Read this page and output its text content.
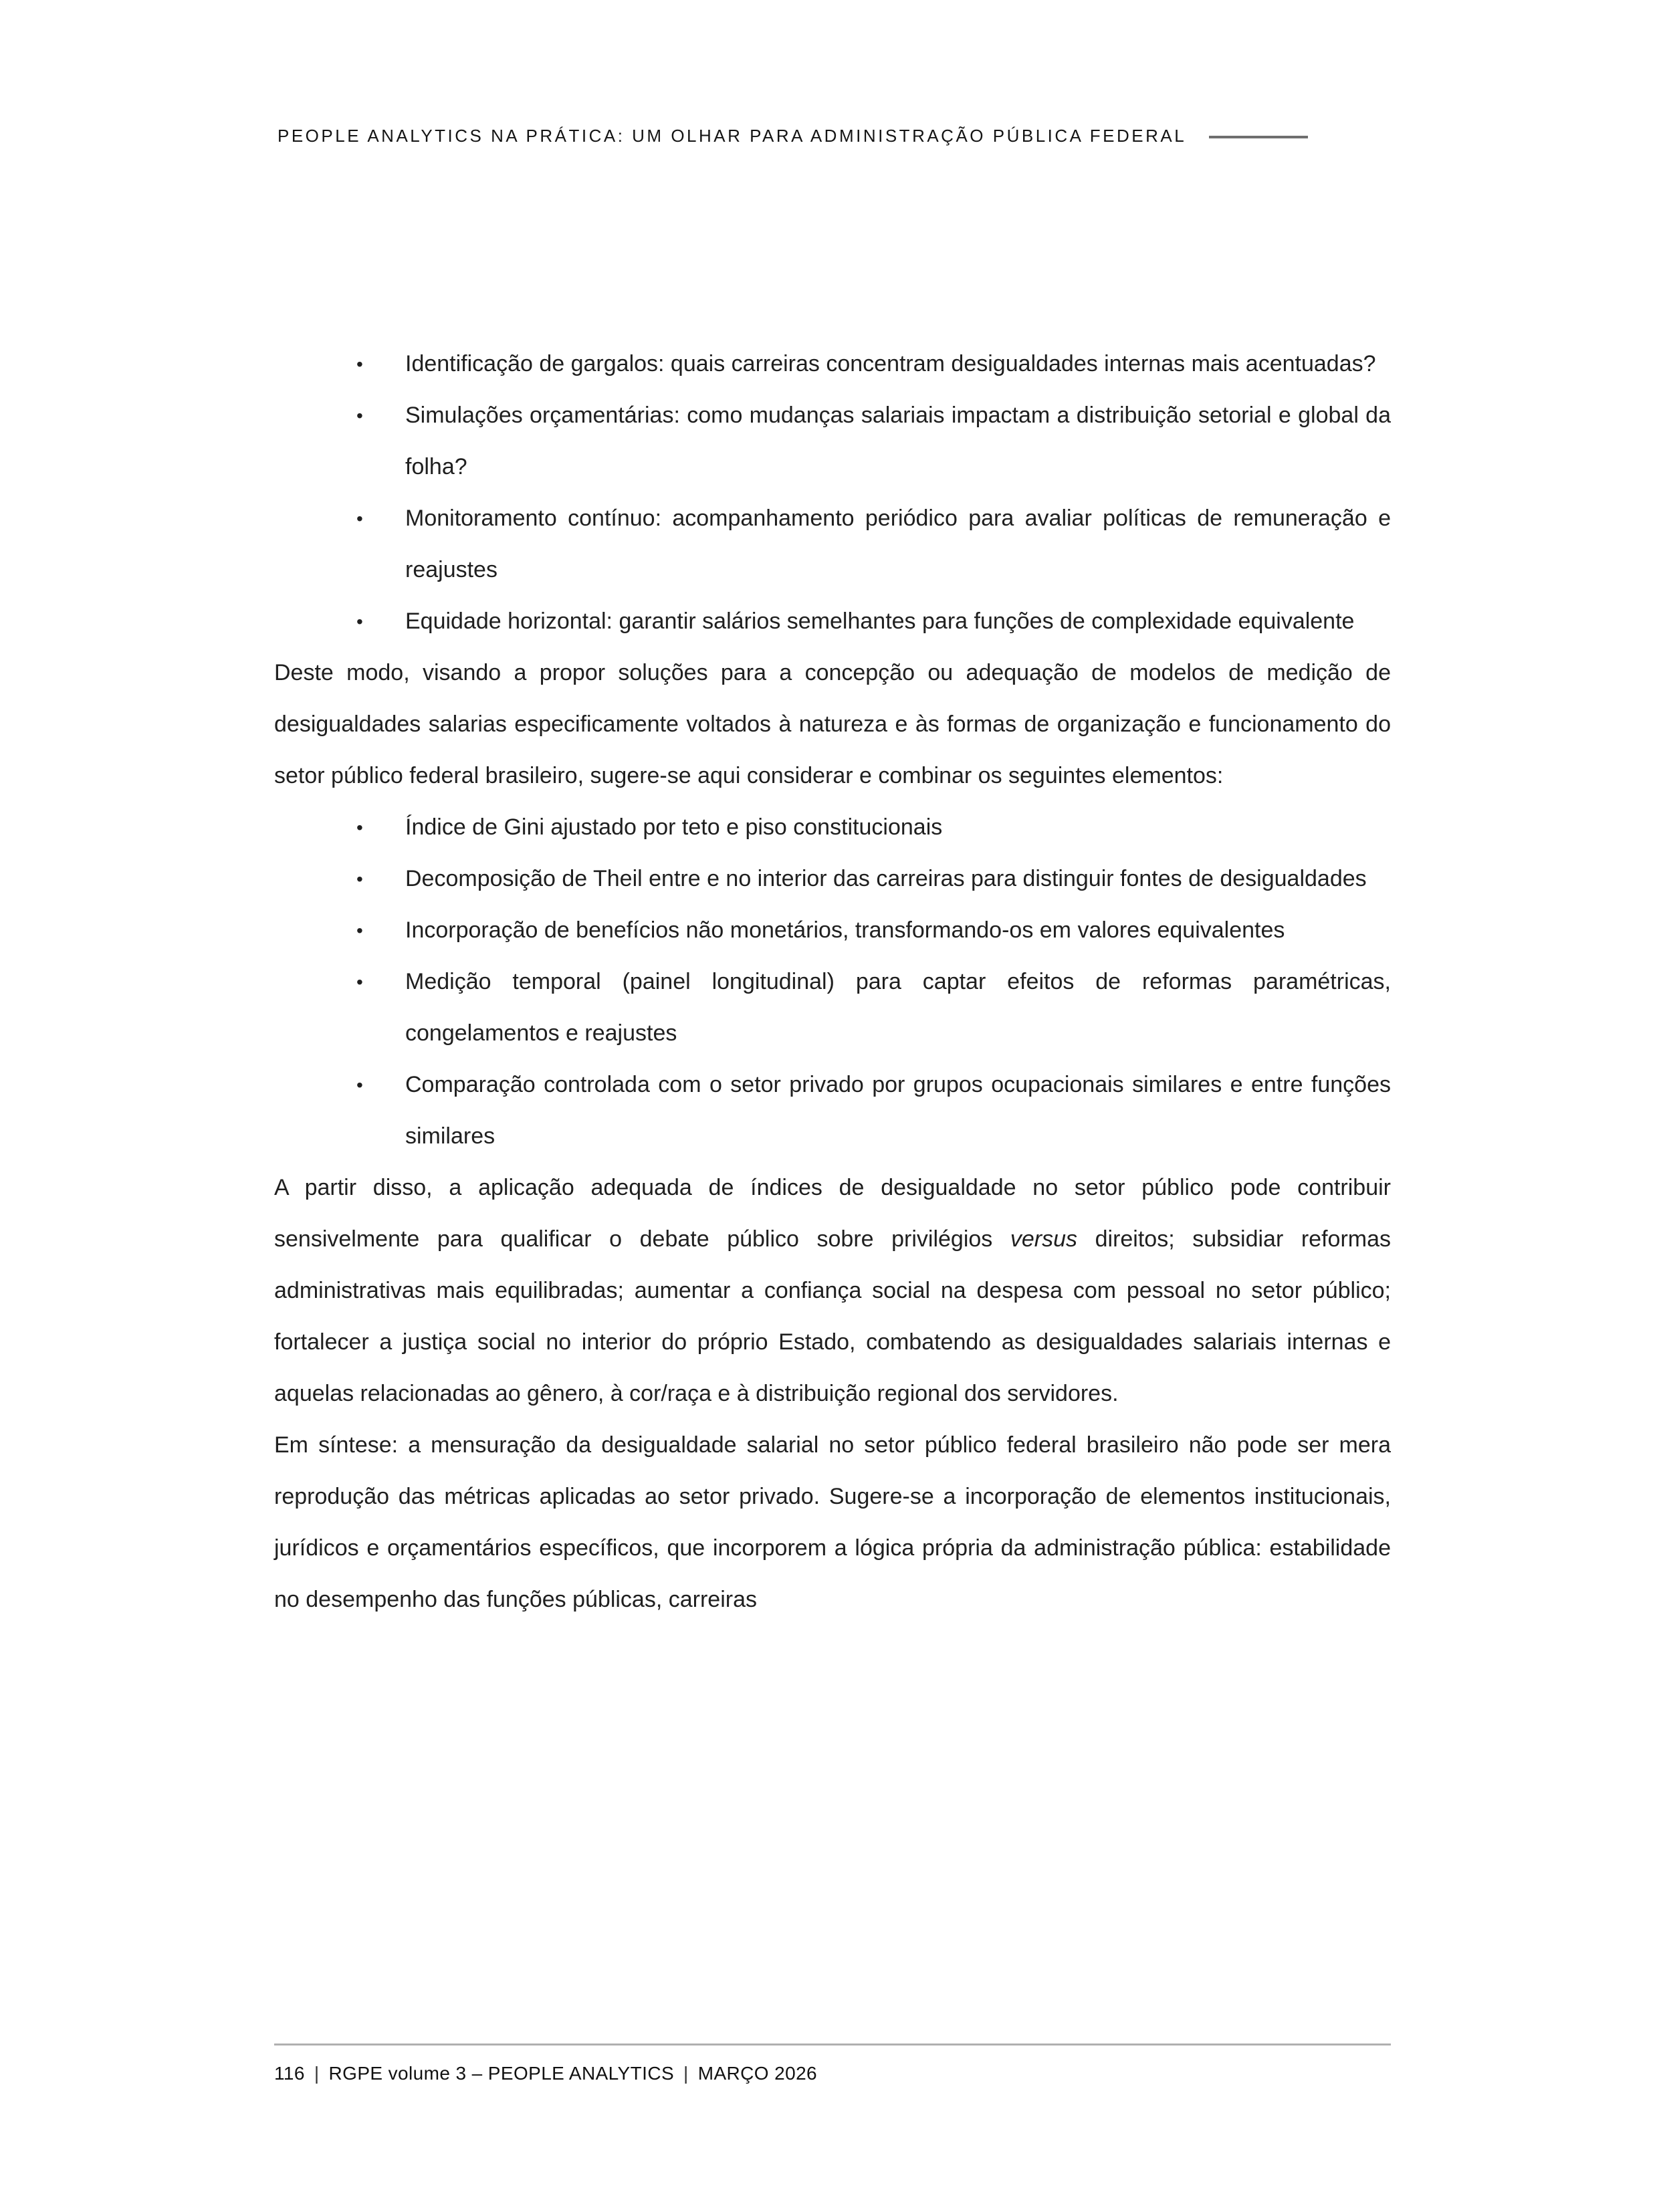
PEOPLE ANALYTICS NA PRÁTICA: UM OLHAR PARA ADMINISTRAÇÃO PÚBLICA FEDERAL
• Identificação de gargalos: quais carreiras concentram desigualdades internas mais acentuadas?
• Simulações orçamentárias: como mudanças salariais impactam a distribuição setorial e global da folha?
• Monitoramento contínuo: acompanhamento periódico para avaliar políticas de remuneração e reajustes
• Equidade horizontal: garantir salários semelhantes para funções de complexidade equivalente

Deste modo, visando a propor soluções para a concepção ou adequação de modelos de medição de desigualdades salarias especificamente voltados à natureza e às formas de organização e funcionamento do setor público federal brasileiro, sugere-se aqui considerar e combinar os seguintes elementos:

• Índice de Gini ajustado por teto e piso constitucionais
• Decomposição de Theil entre e no interior das carreiras para distinguir fontes de desigualdades
• Incorporação de benefícios não monetários, transformando-os em valores equivalentes
• Medição temporal (painel longitudinal) para captar efeitos de reformas paramétricas, congelamentos e reajustes
• Comparação controlada com o setor privado por grupos ocupacionais similares e entre funções similares

A partir disso, a aplicação adequada de índices de desigualdade no setor público pode contribuir sensivelmente para qualificar o debate público sobre privilégios versus direitos; subsidiar reformas administrativas mais equilibradas; aumentar a confiança social na despesa com pessoal no setor público; fortalecer a justiça social no interior do próprio Estado, combatendo as desigualdades salariais internas e aquelas relacionadas ao gênero, à cor/raça e à distribuição regional dos servidores.

Em síntese: a mensuração da desigualdade salarial no setor público federal brasileiro não pode ser mera reprodução das métricas aplicadas ao setor privado. Sugere-se a incorporação de elementos institucionais, jurídicos e orçamentários específicos, que incorporem a lógica própria da administração pública: estabilidade no desempenho das funções públicas, carreiras

116 | RGPE volume 3 – PEOPLE ANALYTICS | MARÇO 2026
